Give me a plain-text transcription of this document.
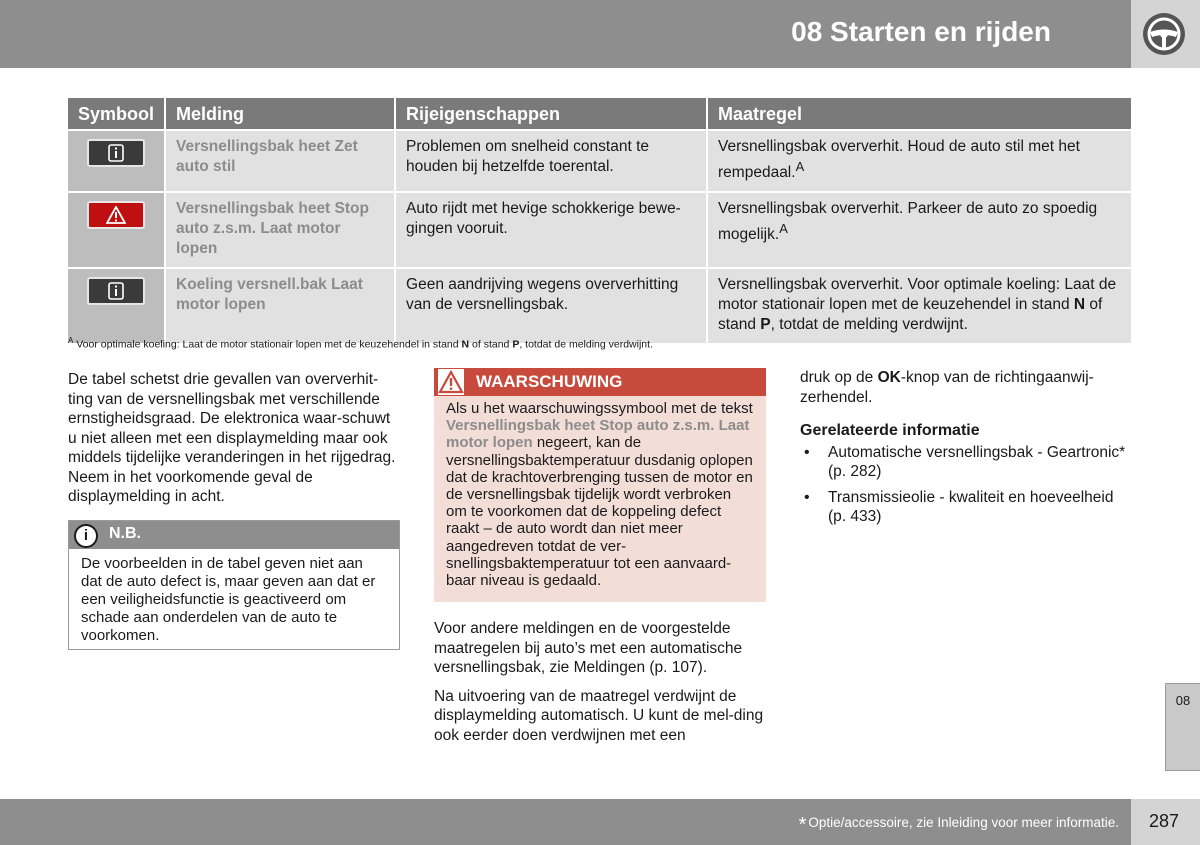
08 Starten en rijden
Symbool	Melding	Rijeigenschappen	Maatregel

	Versnellingsbak heet Zet auto stil	Problemen om snelheid constant te houden bij hetzelfde toerental.	Versnellingsbak oververhit. Houd de auto stil met het rempedaal.$^A$

	Versnellingsbak heet Stop auto z.s.m. Laat motor lopen	Auto rijdt met hevige schokkerige bewe-gingen vooruit.	Versnellingsbak oververhit. Parkeer de auto zo spoedig mogelijk.$^A$

	Koeling versnell.bak Laat motor lopen	Geen aandrijving wegens oververhitting van de versnellingsbak.	Versnellingsbak oververhit. Voor optimale koeling: Laat de motor stationair lopen met de keuzehendel in stand N of stand P, totdat de melding verdwijnt.
$^A$ Voor optimale koeling: Laat de motor stationair lopen met de keuzehendel in stand N of stand P, totdat de melding verdwijnt.

De tabel schetst drie gevallen van oververhit-ting van de versnellingsbak met verschillende ernstigheidsgraad. De elektronica waar-schuwt u niet alleen met een displaymelding maar ook middels tijdelijke veranderingen in het rijgedrag. Neem in het voorkomende geval de displaymelding in acht.

i	N.B.
De voorbeelden in de tabel geven niet aan dat de auto defect is, maar geven aan dat er een veiligheidsfunctie is geactiveerd om schade aan onderdelen van de auto te voorkomen.
WAARSCHUWING
Als u het waarschuwingssymbool met de tekst Versnellingsbak heet Stop auto z.s.m. Laat motor lopen negeert, kan de versnellingsbaktemperatuur dusdanig oplopen dat de krachtoverbrenging tussen de motor en de versnellingsbak tijdelijk wordt verbroken om te voorkomen dat de koppeling defect raakt – de auto wordt dan niet meer aangedreven totdat de ver-snellingsbaktemperatuur tot een aanvaard-baar niveau is gedaald.

Voor andere meldingen en de voorgestelde maatregelen bij auto’s met een automatische versnellingsbak, zie Meldingen (p. 107).

Na uitvoering van de maatregel verdwijnt de displaymelding automatisch. U kunt de mel-ding ook eerder doen verdwijnen met een

druk op de OK-knop van de richtingaanwij-zerhendel.

Gerelateerde informatie
• Automatische versnellingsbak - Geartronic* (p. 282)
• Transmissieolie - kwaliteit en hoeveelheid (p. 433)
08
* Optie/accessoire, zie Inleiding voor meer informatie. 287
